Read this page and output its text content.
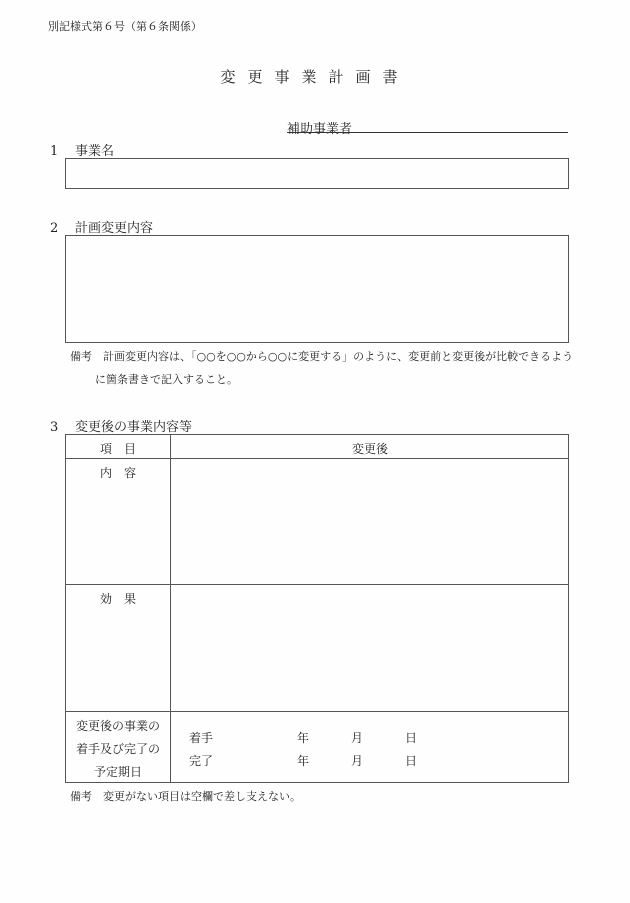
別記様式第６号（第６条関係）
変更事業計画書
補助事業者
1 事業名
2 計画変更内容
備考　計画変更内容は、「○○を○○から○○に変更する」のように、変更前と変更後が比較できるよう
に箇条書きで記入すること。
3 変更後の事業内容等
項　目	変更後
内　容
効　果
変更後の事業の
着手及び完了の
予定期日
着手	年	月	日
完了	年	月	日
備考　変更がない項目は空欄で差し支えない。
